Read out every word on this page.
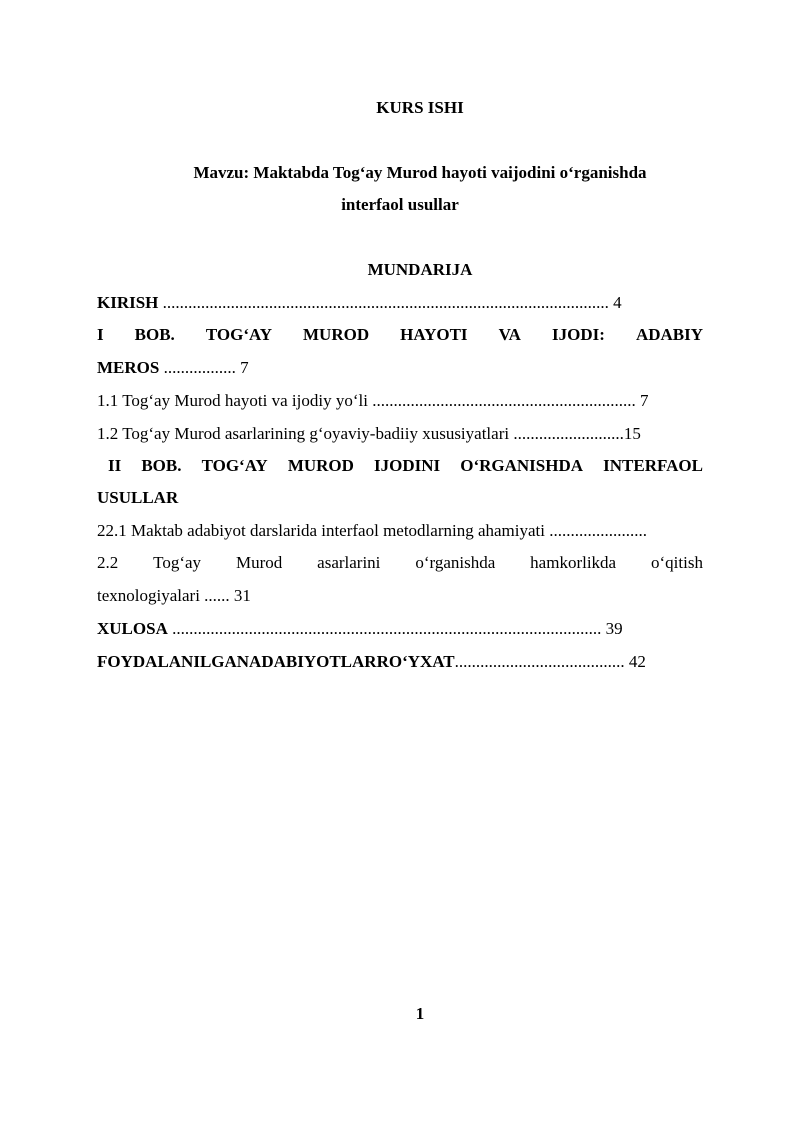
KURS ISHI
Mavzu: Maktabda Tog‘ay Murod hayoti vaijodini o‘rganishda
interfaol usullar
MUNDARIJA
KIRISH ......................................................................................................... 4
I BOB. TOG‘AY MUROD HAYOTI VA IJODI: ADABIY
MEROS ................. 7
1.1 Tog‘ay Murod hayoti va ijodiy yo‘li .............................................................. 7
1.2 Tog‘ay Murod asarlarining g‘oyaviy-badiiy xususiyatlari ..........................15
II BOB. TOG‘AY MUROD IJODINI O‘RGANISHDA INTERFAOL
USULLAR
22.1 Maktab adabiyot darslarida interfaol metodlarning ahamiyati .......................
2.2 Tog‘ay Murod asarlarini o‘rganishda hamkorlikda o‘qitish
texnologiyalari ...... 31
XULOSA ..................................................................................................... 39
FOYDALANILGANADABIYOTLARRO‘YXAT........................................ 42
1
